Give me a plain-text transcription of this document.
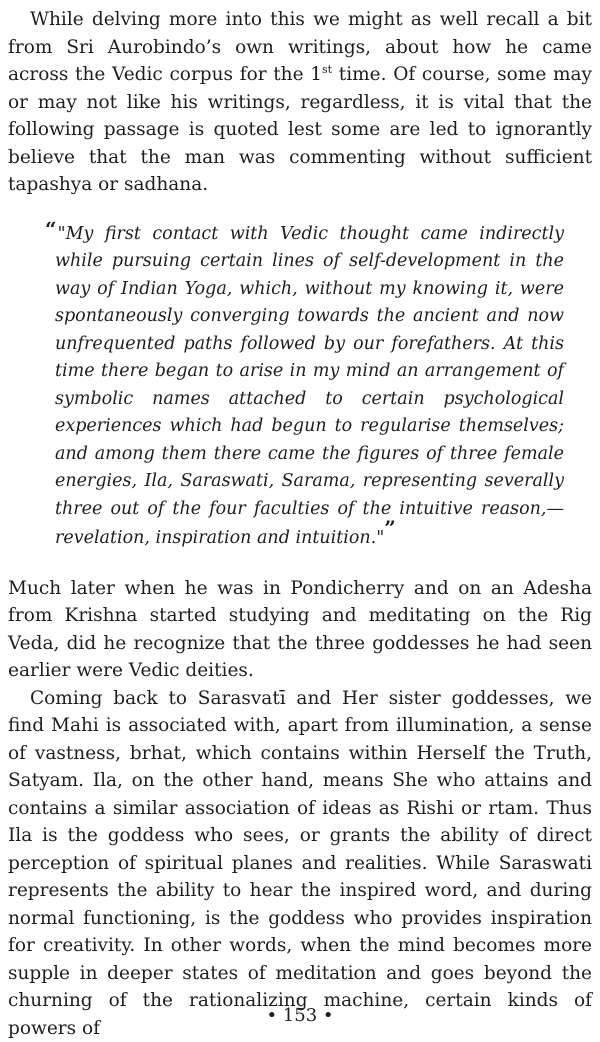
While delving more into this we might as well recall a bit from Sri Aurobindo’s own writings, about how he came across the Vedic corpus for the 1st time. Of course, some may or may not like his writings, regardless, it is vital that the following passage is quoted lest some are led to ignorantly believe that the man was commenting without sufficient tapashya or sadhana.

“"My first contact with Vedic thought came indirectly while pursuing certain lines of self-development in the way of Indian Yoga, which, without my knowing it, were spontaneously converging towards the ancient and now unfrequented paths followed by our forefathers. At this time there began to arise in my mind an arrangement of symbolic names attached to certain psychological experiences which had begun to regularise themselves; and among them there came the figures of three female energies, Ila, Saraswati, Sarama, representing severally three out of the four faculties of the intuitive reason,—revelation, inspiration and intuition."”

Much later when he was in Pondicherry and on an Adesha from Krishna started studying and meditating on the Rig Veda, did he recognize that the three goddesses he had seen earlier were Vedic deities.

Coming back to Sarasvatī and Her sister goddesses, we find Mahi is associated with, apart from illumination, a sense of vastness, brhat, which contains within Herself the Truth, Satyam. Ila, on the other hand, means She who attains and contains a similar association of ideas as Rishi or rtam. Thus Ila is the goddess who sees, or grants the ability of direct perception of spiritual planes and realities. While Saraswati represents the ability to hear the inspired word, and during normal functioning, is the goddess who provides inspiration for creativity. In other words, when the mind becomes more supple in deeper states of meditation and goes beyond the churning of the rationalizing machine, certain kinds of powers of

• 153 •
